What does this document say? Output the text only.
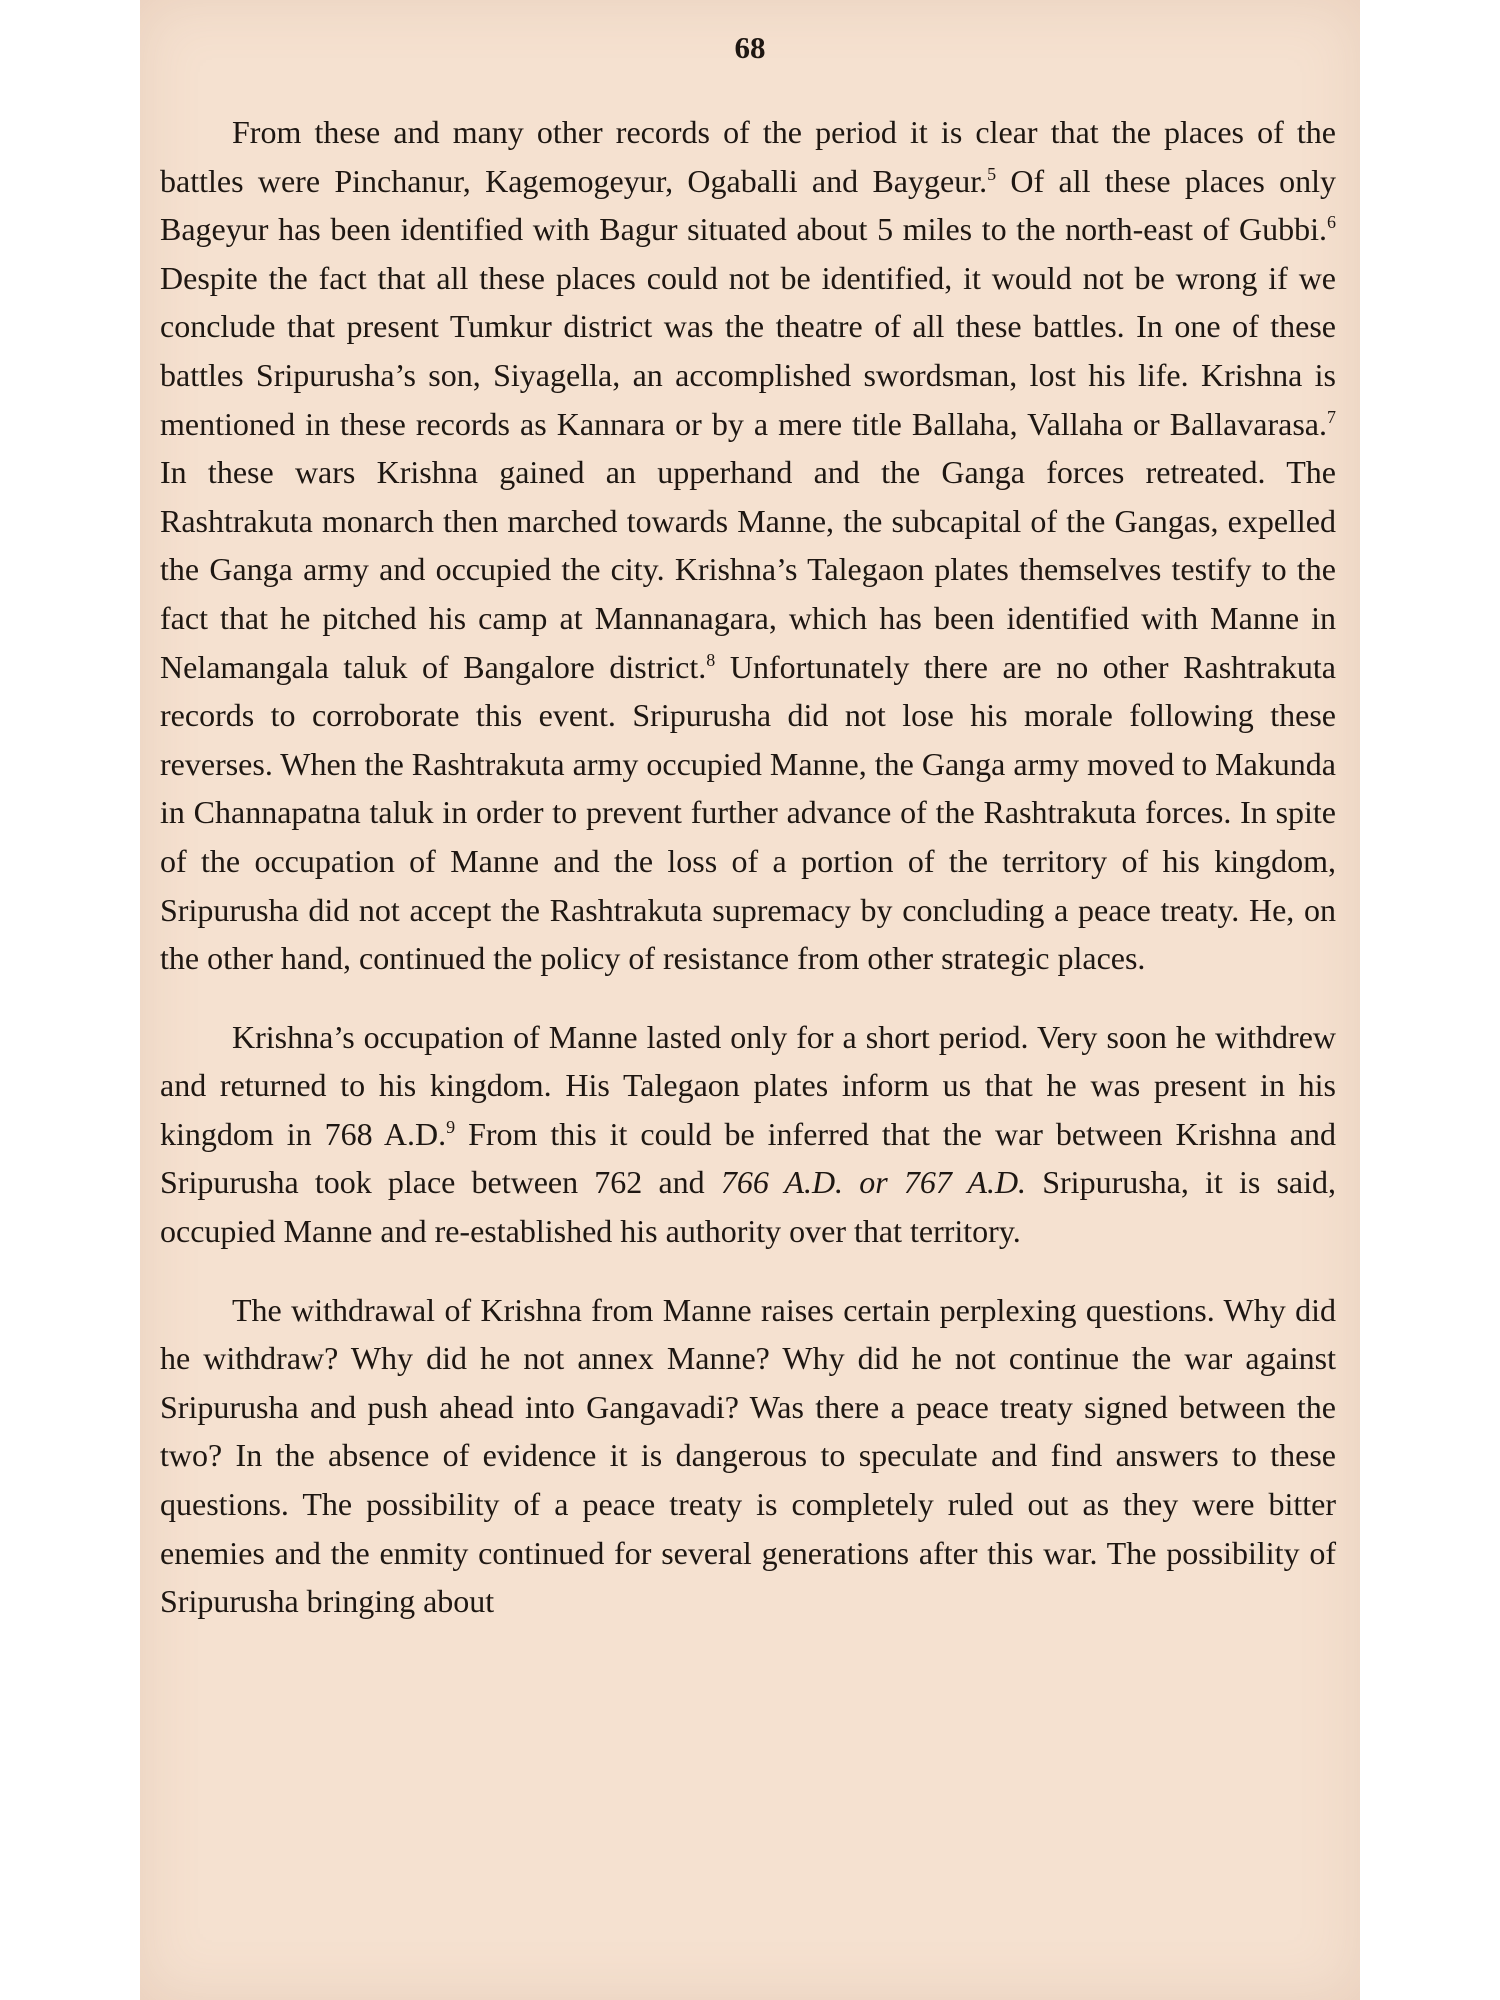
68

From these and many other records of the period it is clear that the places of the battles were Pinchanur, Kagemogeyur, Ogaballi and Baygeur.$^5$ Of all these places only Bageyur has been identified with Bagur situated about 5 miles to the north-east of Gubbi.$^6$ Despite the fact that all these places could not be identified, it would not be wrong if we conclude that present Tumkur district was the theatre of all these battles. In one of these battles Sripurusha’s son, Siyagella, an accomplished swordsman, lost his life. Krishna is mentioned in these records as Kannara or by a mere title Ballaha, Vallaha or Ballavarasa.$^7$ In these wars Krishna gained an upperhand and the Ganga forces retreated. The Rashtrakuta monarch then marched towards Manne, the subcapital of the Gangas, expelled the Ganga army and occupied the city. Krishna’s Talegaon plates themselves testify to the fact that he pitched his camp at Mannanagara, which has been identified with Manne in Nelamangala taluk of Bangalore district.$^8$ Unfortunately there are no other Rashtrakuta records to corroborate this event. Sripurusha did not lose his morale following these reverses. When the Rashtrakuta army occupied Manne, the Ganga army moved to Makunda in Channapatna taluk in order to prevent further advance of the Rashtrakuta forces. In spite of the occupation of Manne and the loss of a portion of the territory of his kingdom, Sripurusha did not accept the Rashtrakuta supremacy by concluding a peace treaty. He, on the other hand, continued the policy of resistance from other strategic places.

Krishna’s occupation of Manne lasted only for a short period. Very soon he withdrew and returned to his kingdom. His Talegaon plates inform us that he was present in his kingdom in 768 A.D.$^9$ From this it could be inferred that the war between Krishna and Sripurusha took place between 762 and 766 A.D. or 767 A.D. Sripurusha, it is said, occupied Manne and re-established his authority over that territory.

The withdrawal of Krishna from Manne raises certain perplexing questions. Why did he withdraw? Why did he not annex Manne? Why did he not continue the war against Sripurusha and push ahead into Gangavadi? Was there a peace treaty signed between the two? In the absence of evidence it is dangerous to speculate and find answers to these questions. The possibility of a peace treaty is completely ruled out as they were bitter enemies and the enmity continued for several generations after this war. The possibility of Sripurusha bringing about
